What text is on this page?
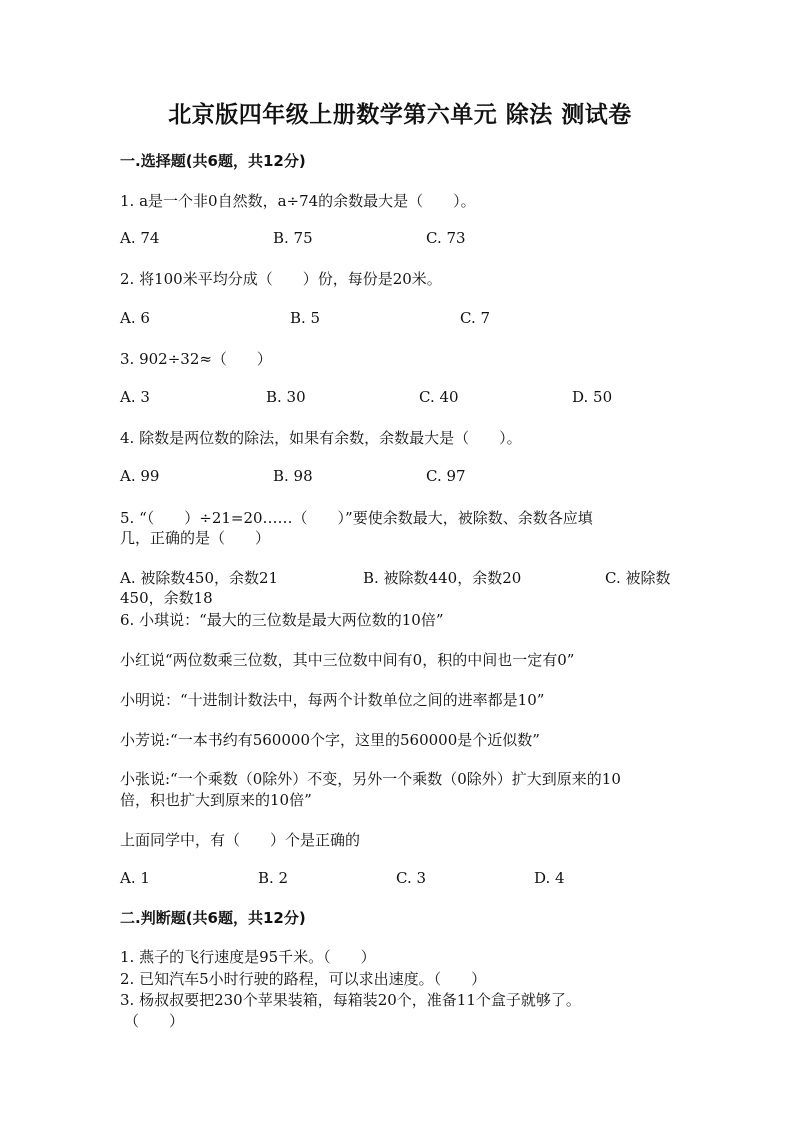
北京版四年级上册数学第六单元 除法 测试卷
一.选择题(共6题，共12分)
1. a是一个非0自然数，a÷74的余数最大是（　　）。
A. 74	B. 75	C. 73
2. 将100米平均分成（　　）份，每份是20米。
A. 6	B. 5	C. 7
3. 902÷32≈（　　）
A. 3	B. 30	C. 40	D. 50
4. 除数是两位数的除法，如果有余数，余数最大是（　　）。
A. 99	B. 98	C. 97
5. “（　　）÷21=20……（　　）”要使余数最大，被除数、余数各应填
几，正确的是（　　）
A. 被除数450，余数21	B. 被除数440，余数20	C. 被除数
450，余数18
6. 小琪说：“最大的三位数是最大两位数的10倍”
小红说“两位数乘三位数，其中三位数中间有0，积的中间也一定有0”
小明说：“十进制计数法中，每两个计数单位之间的进率都是10”
小芳说:“一本书约有560000个字，这里的560000是个近似数”
小张说:“一个乘数（0除外）不变，另外一个乘数（0除外）扩大到原来的10
倍，积也扩大到原来的10倍”
上面同学中，有（　　）个是正确的
A. 1	B. 2	C. 3	D. 4
二.判断题(共6题，共12分)
1. 燕子的飞行速度是95千米。（　　）
2. 已知汽车5小时行驶的路程，可以求出速度。（　　）
3. 杨叔叔要把230个苹果装箱，每箱装20个，准备11个盒子就够了。
（　　）
